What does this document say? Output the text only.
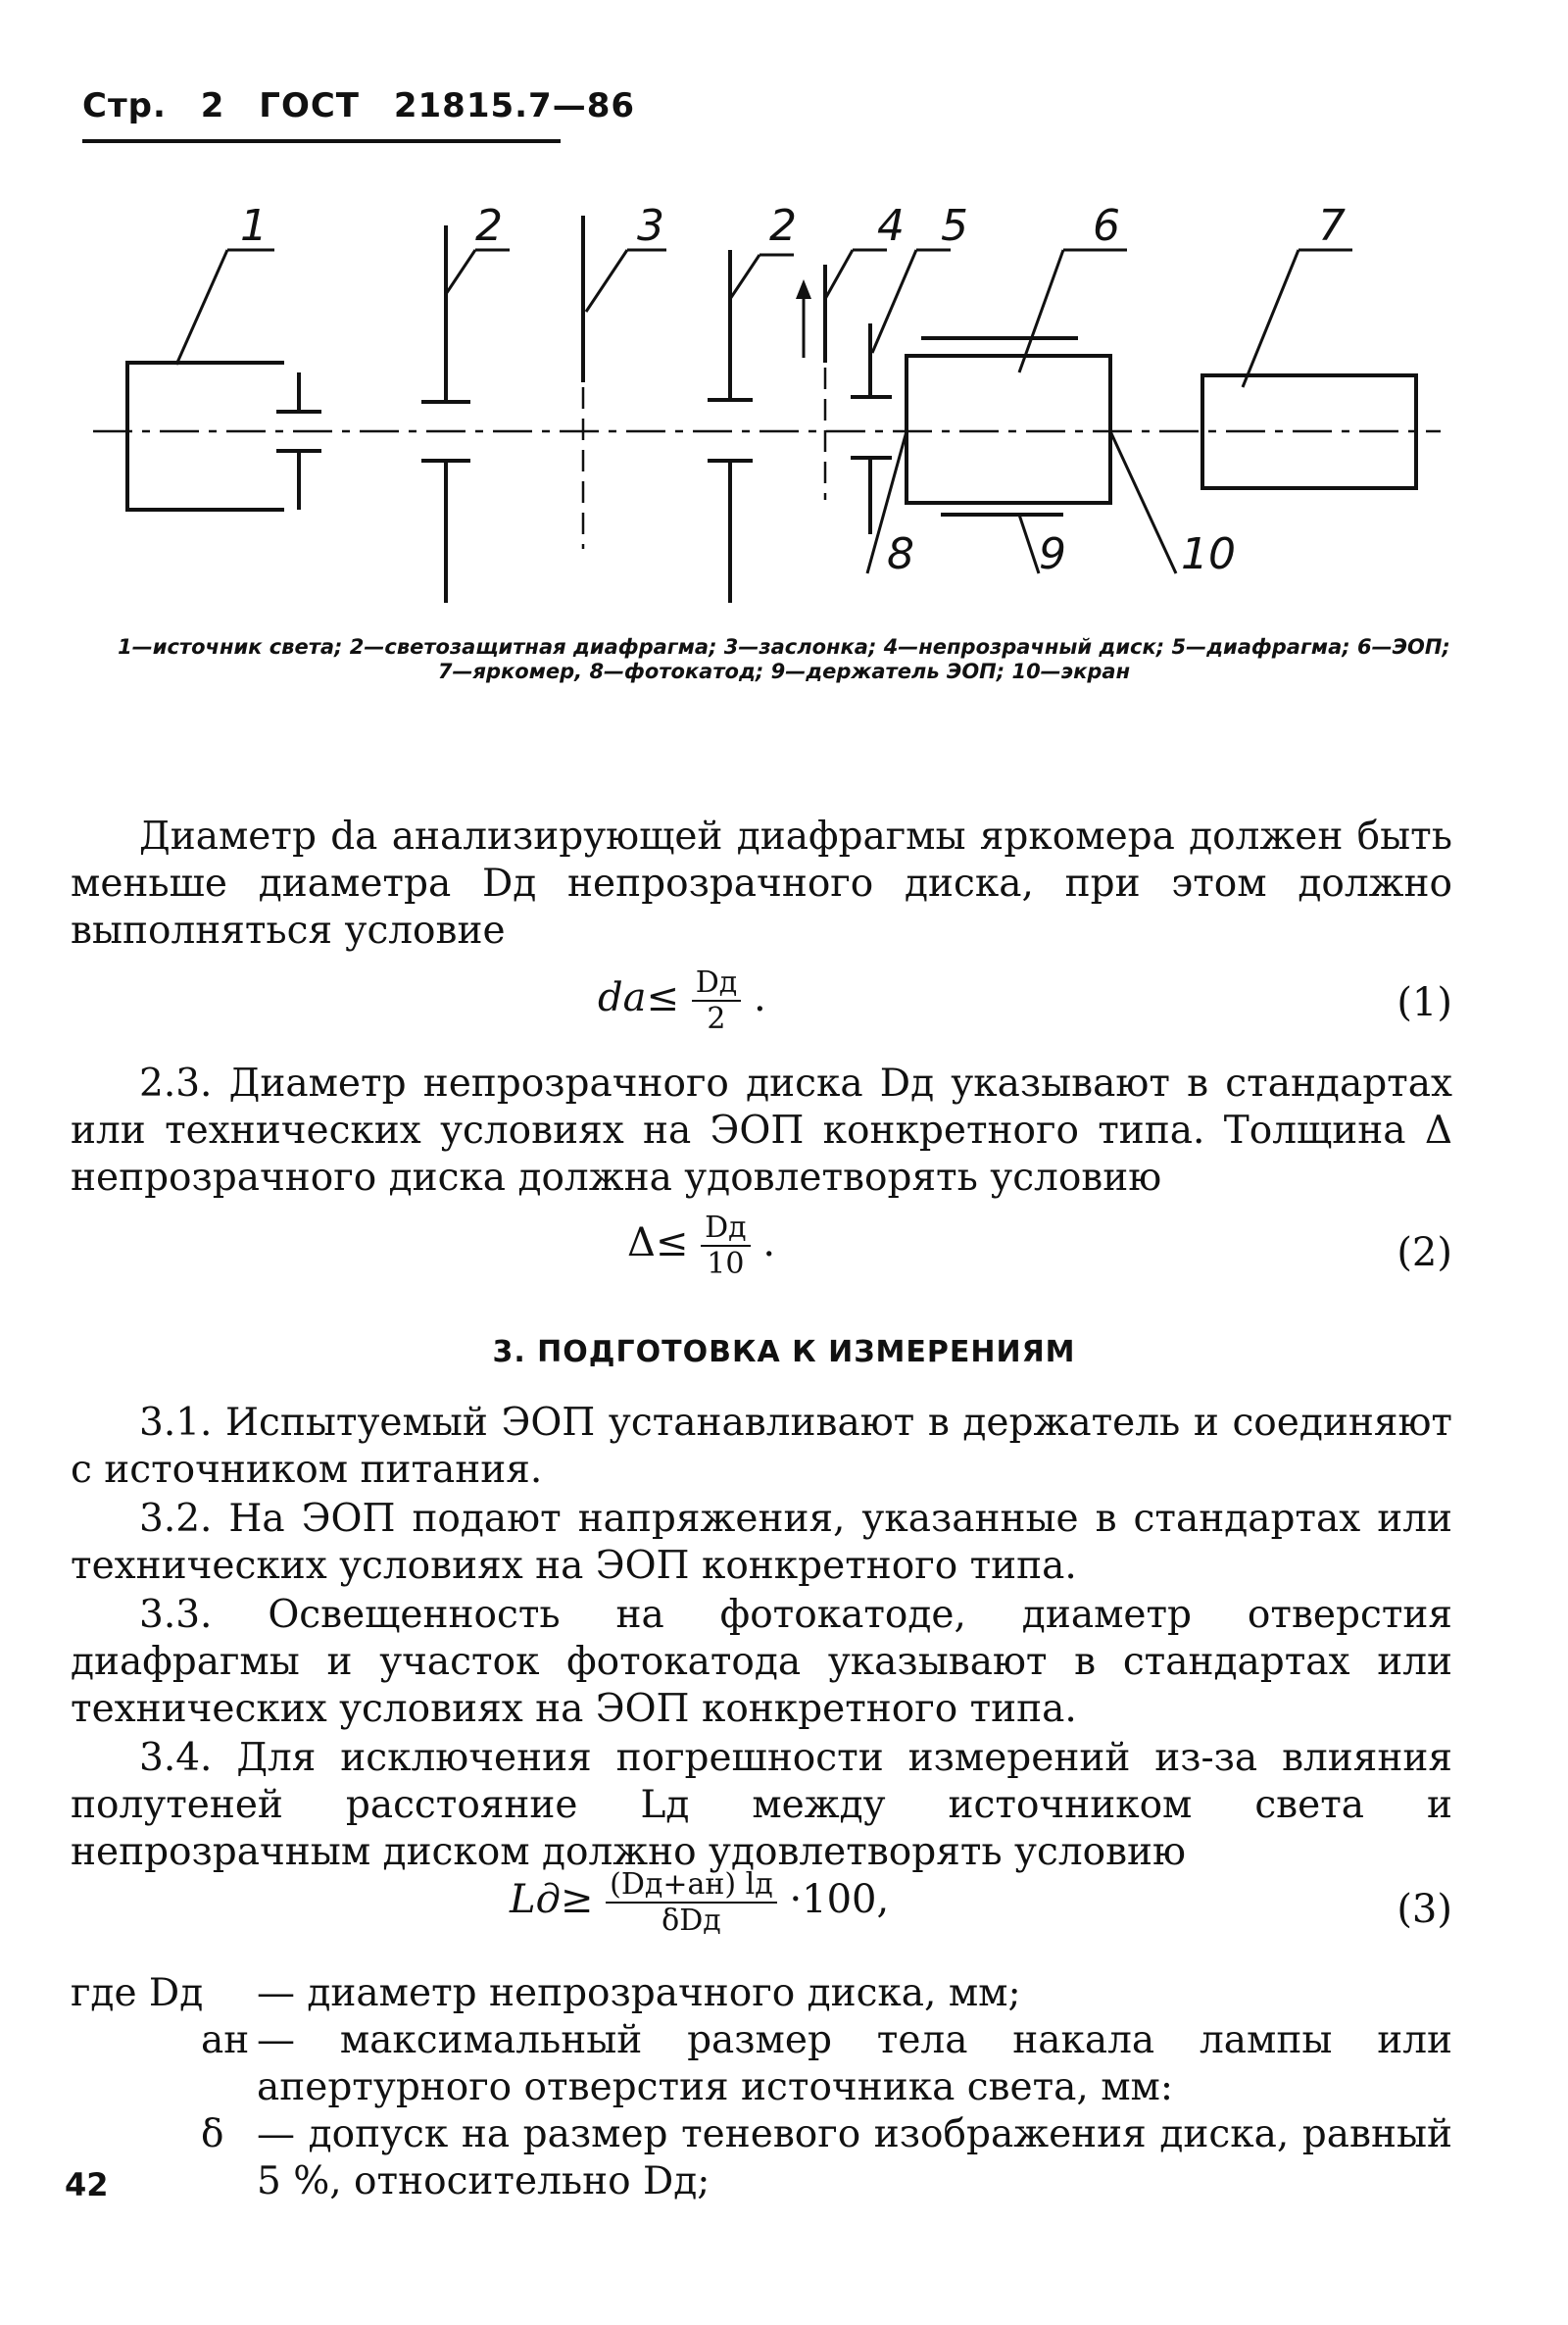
Стр. 2 ГОСТ 21815.7—86
1	2	3 2 4 5	6	7
8	9	10
1—источник света; 2—светозащитная диафрагма; 3—заслонка; 4—непрозрачный диск; 5—диафрагма; 6—ЭОП; 7—яркомер, 8—фотокатод; 9—держатель ЭОП; 10—экран

Диаметр dа анализирующей диафрагмы яркомера должен быть меньше диаметра Dд непрозрачного диска, при этом должно выполняться условие

$dа\le \frac{Dд}{2}$ .	(1)

2.3. Диаметр непрозрачного диска Dд указывают в стандартах или технических условиях на ЭОП конкретного типа. Толщина Δ непрозрачного диска должна удовлетворять условию

$\Delta\le \frac{Dд}{10}$ .	(2)
3. ПОДГОТОВКА К ИЗМЕРЕНИЯМ

3.1. Испытуемый ЭОП устанавливают в держатель и соединяют с источником питания.

3.2. На ЭОП подают напряжения, указанные в стандартах или технических условиях на ЭОП конкретного типа.

3.3. Освещенность на фотокатоде, диаметр отверстия диафрагмы и участок фотокатода указывают в стандартах или технических условиях на ЭОП конкретного типа.

3.4. Для исключения погрешности измерений из-за влияния полутеней расстояние Lд между источником света и непрозрачным диском должно удовлетворять условию

$Lд\ge \frac{(Dд+ан) lд}{\text{δDд}} \cdot 100$,	(3)
где Dд — диаметр непрозрачного диска, мм;
ан — максимальный размер тела накала лампы или апертурного отверстия источника света, мм:
δ — допуск на размер теневого изображения диска, равный 5 %, относительно Dд;
42
